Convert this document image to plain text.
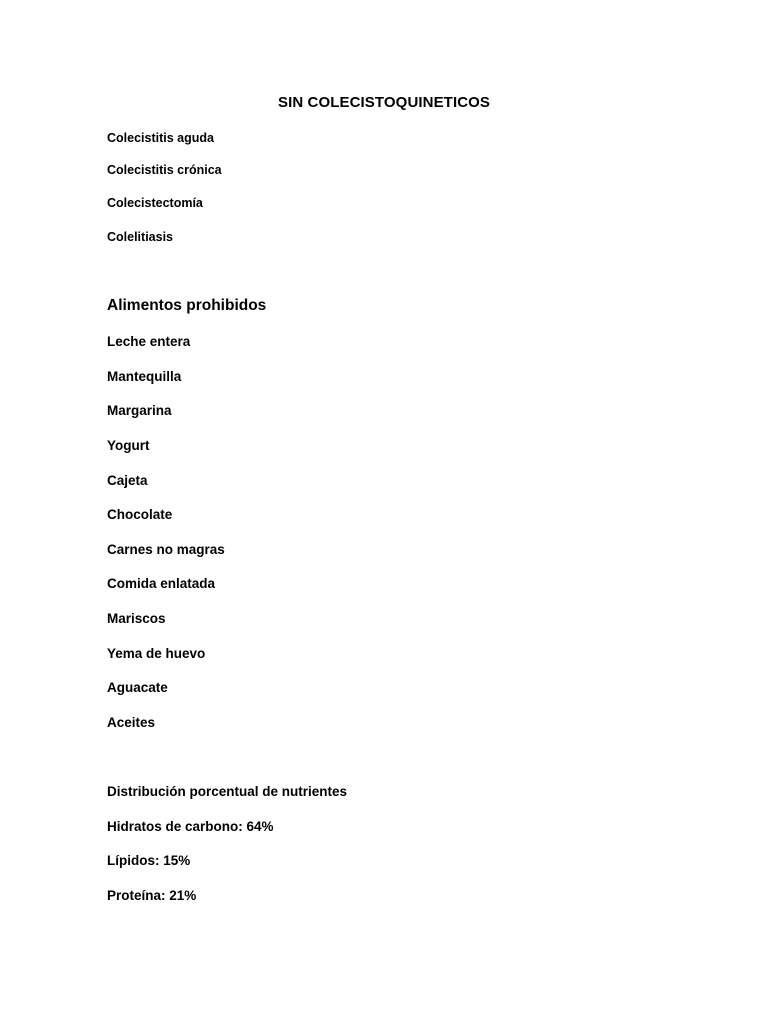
SIN COLECISTOQUINETICOS
Colecistitis aguda
Colecistitis crónica
Colecistectomía
Colelitiasis
Alimentos prohibidos
Leche entera
Mantequilla
Margarina
Yogurt
Cajeta
Chocolate
Carnes no magras
Comida enlatada
Mariscos
Yema de huevo
Aguacate
Aceites
Distribución porcentual de nutrientes
Hidratos de carbono: 64%
Lípidos: 15%
Proteína: 21%
